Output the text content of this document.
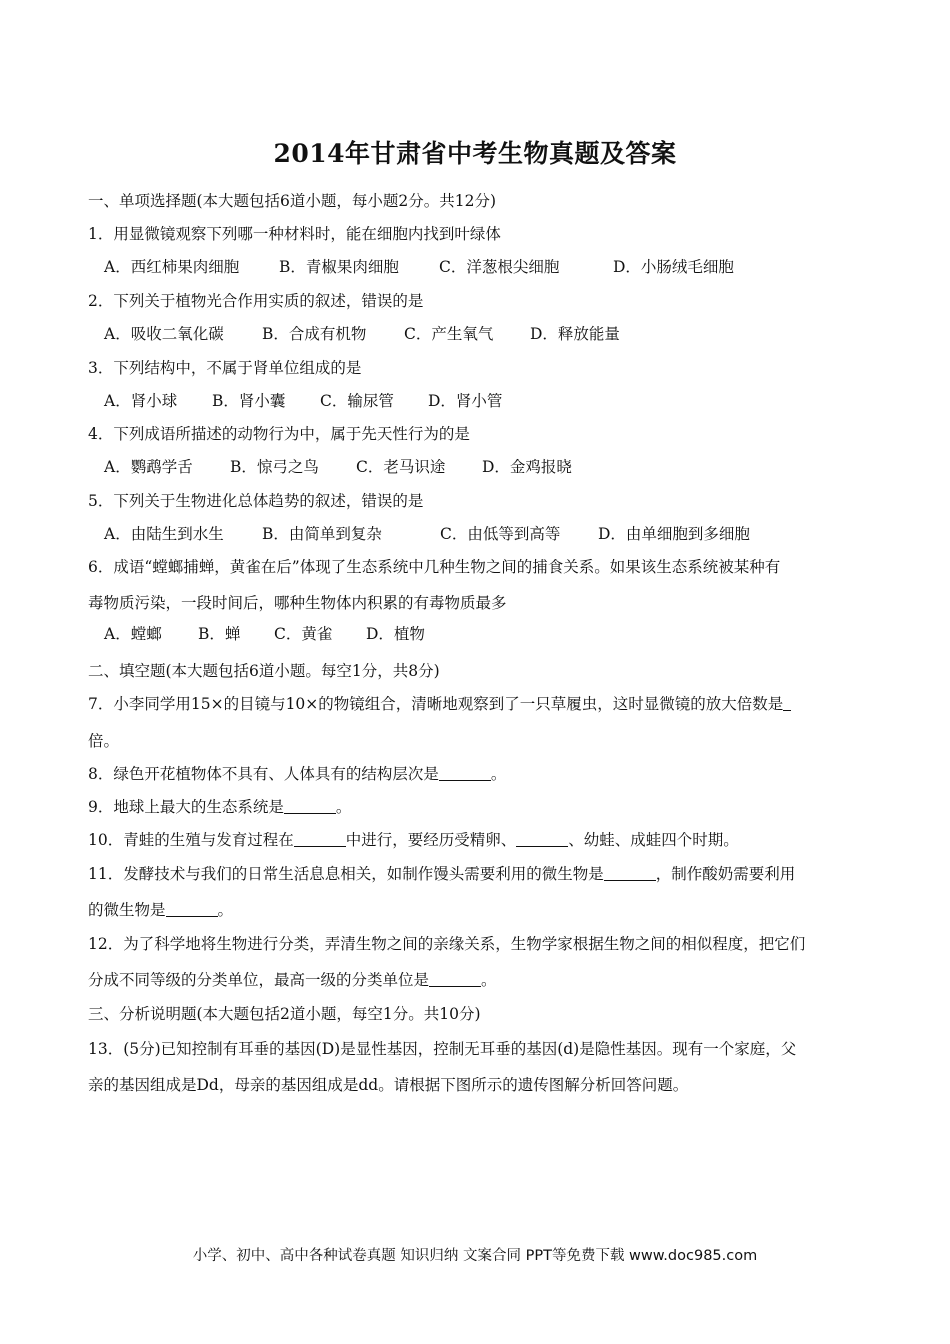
2014年甘肃省中考生物真题及答案
一、单项选择题(本大题包括6道小题，每小题2分。共12分)
1．用显微镜观察下列哪一种材料时，能在细胞内找到叶绿体
A．西红柿果肉细胞	B．青椒果肉细胞	C．洋葱根尖细胞	D．小肠绒毛细胞
2．下列关于植物光合作用实质的叙述，错误的是
A．吸收二氧化碳 B．合成有机物 C．产生氧气 D．释放能量
3．下列结构中，不属于肾单位组成的是
A．肾小球 B．肾小囊 C．输尿管 D．肾小管
4．下列成语所描述的动物行为中，属于先天性行为的是
A．鹦鹉学舌 B．惊弓之鸟 C．老马识途 D．金鸡报晓
5．下列关于生物进化总体趋势的叙述，错误的是
A．由陆生到水生 B．由简单到复杂	C．由低等到高等 D．由单细胞到多细胞
6．成语“螳螂捕蝉，黄雀在后”体现了生态系统中几种生物之间的捕食关系。如果该生态系统被某种有
毒物质污染，一段时间后，哪种生物体内积累的有毒物质最多
A．螳螂 B．蝉 C．黄雀 D．植物
二、填空题(本大题包括6道小题。每空1分，共8分)
7．小李同学用15×的目镜与10×的物镜组合，清晰地观察到了一只草履虫，这时显微镜的放大倍数是
倍。
8．绿色开花植物体不具有、人体具有的结构层次是	。
9．地球上最大的生态系统是	。
10．青蛙的生殖与发育过程在	中进行，要经历受精卵、	、幼蛙、成蛙四个时期。
11．发酵技术与我们的日常生活息息相关，如制作馒头需要利用的微生物是	，制作酸奶需要利用
的微生物是	。
12．为了科学地将生物进行分类，弄清生物之间的亲缘关系，生物学家根据生物之间的相似程度，把它们
分成不同等级的分类单位，最高一级的分类单位是	。
三、分析说明题(本大题包括2道小题，每空1分。共10分)
13．(5分)已知控制有耳垂的基因(D)是显性基因，控制无耳垂的基因(d)是隐性基因。现有一个家庭，父
亲的基因组成是Dd，母亲的基因组成是dd。请根据下图所示的遗传图解分析回答问题。
小学、初中、高中各种试卷真题 知识归纳 文案合同 PPT等免费下载 www.doc985.com
